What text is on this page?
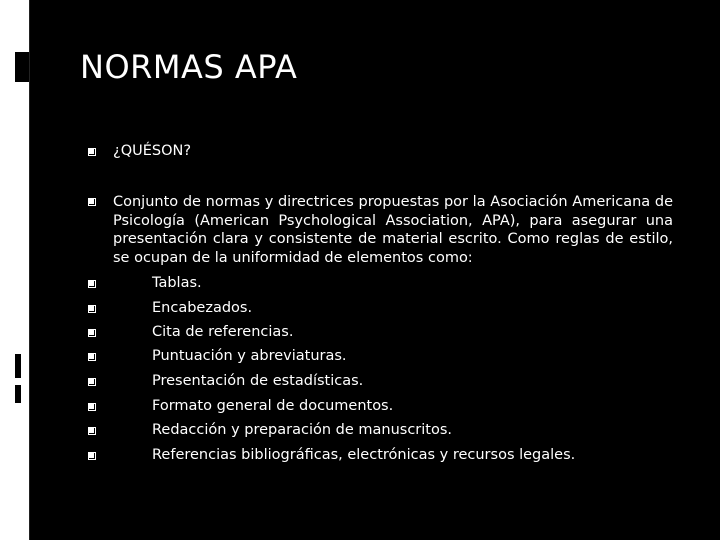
NORMAS APA
¿QUÉSON?
Conjunto de normas y directrices propuestas por la Asociación Americana de Psicología (American Psychological Association, APA), para asegurar una presentación clara y consistente de material escrito. Como reglas de estilo, se ocupan de la uniformidad de elementos como:
Tablas.
Encabezados.
Cita de referencias.
Puntuación y abreviaturas.
Presentación de estadísticas.
Formato general de documentos.
Redacción y preparación de manuscritos.
Referencias bibliográficas, electrónicas y recursos legales.
